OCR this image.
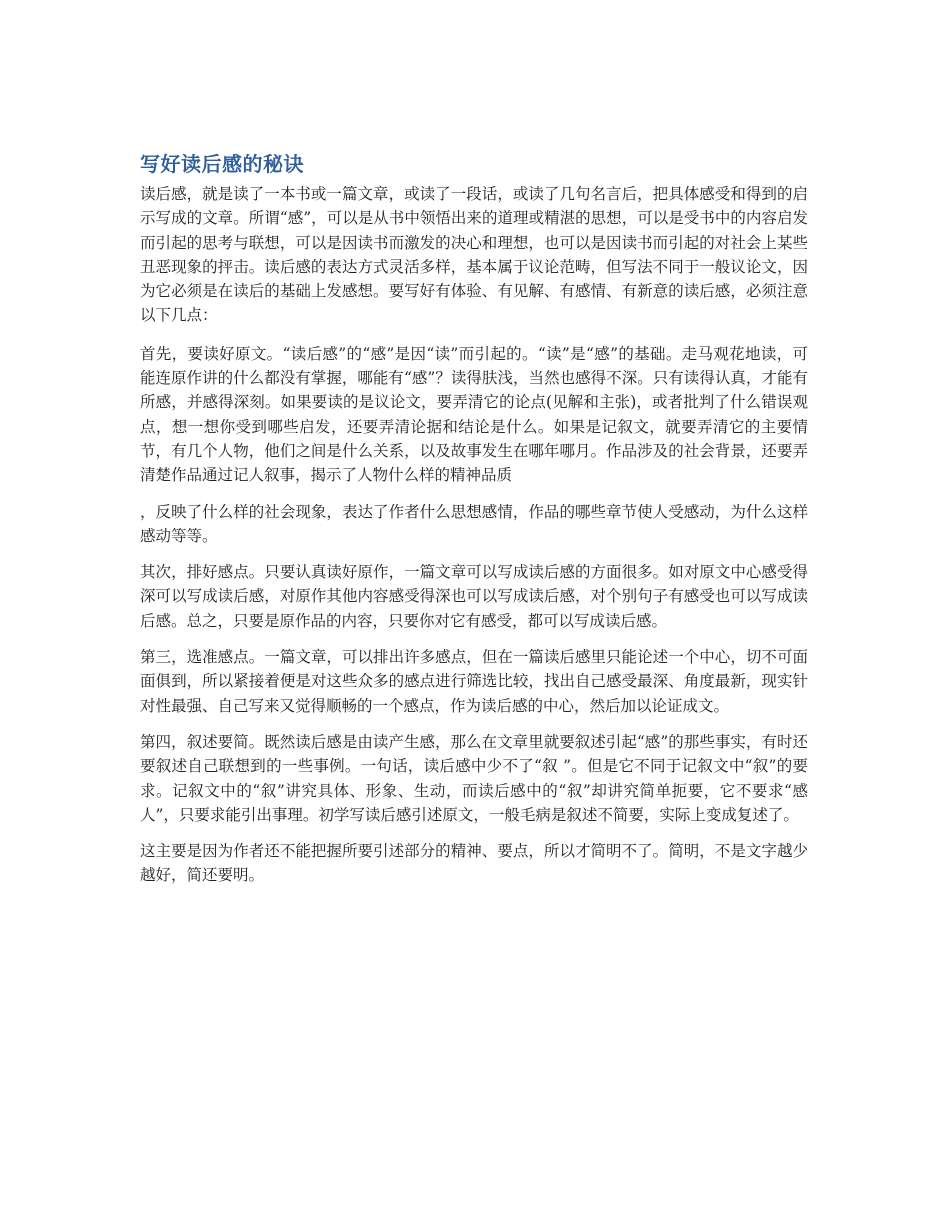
写好读后感的秘诀

读后感，就是读了一本书或一篇文章，或读了一段话，或读了几句名言后，把具体感受和得到的启示写成的文章。所谓“感”，可以是从书中领悟出来的道理或精湛的思想，可以是受书中的内容启发而引起的思考与联想，可以是因读书而激发的决心和理想，也可以是因读书而引起的对社会上某些丑恶现象的抨击。读后感的表达方式灵活多样，基本属于议论范畴，但写法不同于一般议论文，因为它必须是在读后的基础上发感想。要写好有体验、有见解、有感情、有新意的读后感，必须注意以下几点：

首先，要读好原文。“读后感”的“感”是因“读”而引起的。“读”是“感”的基础。走马观花地读，可能连原作讲的什么都没有掌握，哪能有“感”？读得肤浅，当然也感得不深。只有读得认真，才能有所感，并感得深刻。如果要读的是议论文，要弄清它的论点(见解和主张)，或者批判了什么错误观点，想一想你受到哪些启发，还要弄清论据和结论是什么。如果是记叙文，就要弄清它的主要情节，有几个人物，他们之间是什么关系，以及故事发生在哪年哪月。作品涉及的社会背景，还要弄清楚作品通过记人叙事，揭示了人物什么样的精神品质

，反映了什么样的社会现象，表达了作者什么思想感情，作品的哪些章节使人受感动，为什么这样感动等等。

其次，排好感点。只要认真读好原作，一篇文章可以写成读后感的方面很多。如对原文中心感受得深可以写成读后感，对原作其他内容感受得深也可以写成读后感，对个别句子有感受也可以写成读后感。总之，只要是原作品的内容，只要你对它有感受，都可以写成读后感。

第三，选准感点。一篇文章，可以排出许多感点，但在一篇读后感里只能论述一个中心，切不可面面俱到，所以紧接着便是对这些众多的感点进行筛选比较，找出自己感受最深、角度最新，现实针对性最强、自己写来又觉得顺畅的一个感点，作为读后感的中心，然后加以论证成文。

第四，叙述要简。既然读后感是由读产生感，那么在文章里就要叙述引起“感”的那些事实，有时还要叙述自己联想到的一些事例。一句话，读后感中少不了“叙 ”。但是它不同于记叙文中“叙”的要求。记叙文中的“叙”讲究具体、形象、生动，而读后感中的“叙”却讲究简单扼要，它不要求“感人”，只要求能引出事理。初学写读后感引述原文，一般毛病是叙述不简要，实际上变成复述了。

这主要是因为作者还不能把握所要引述部分的精神、要点，所以才简明不了。简明，不是文字越少越好，简还要明。
